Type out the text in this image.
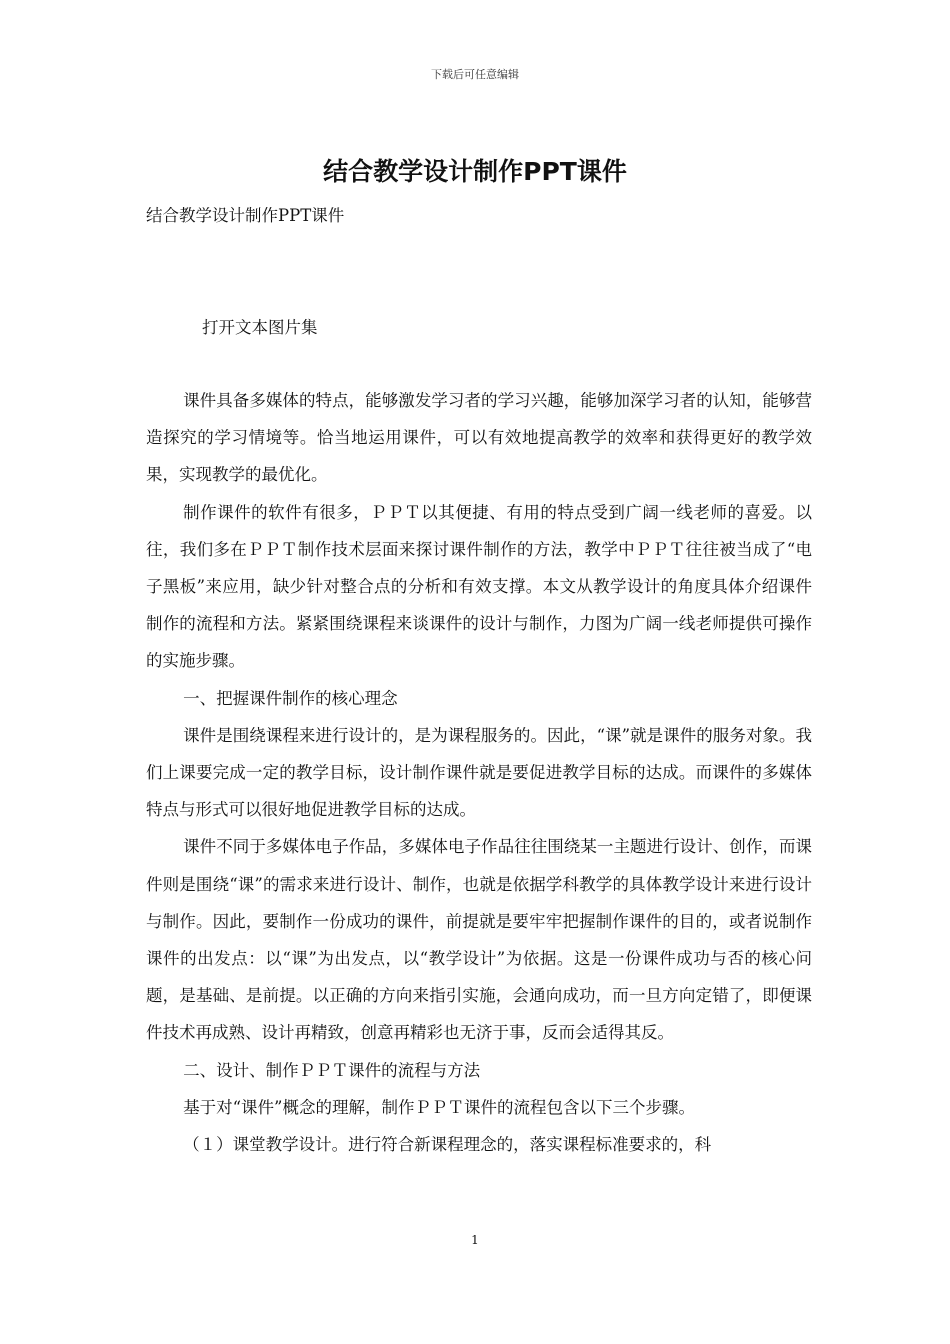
下载后可任意编辑
结合教学设计制作PPT课件
结合教学设计制作PPT课件
打开文本图片集

课件具备多媒体的特点，能够激发学习者的学习兴趣，能够加深学习者的认知，能够营造探究的学习情境等。恰当地运用课件，可以有效地提高教学的效率和获得更好的教学效果，实现教学的最优化。

制作课件的软件有很多，ＰＰＴ以其便捷、有用的特点受到广阔一线老师的喜爱。以往，我们多在ＰＰＴ制作技术层面来探讨课件制作的方法，教学中ＰＰＴ往往被当成了“电子黑板”来应用，缺少针对整合点的分析和有效支撑。本文从教学设计的角度具体介绍课件制作的流程和方法。紧紧围绕课程来谈课件的设计与制作，力图为广阔一线老师提供可操作的实施步骤。

一、把握课件制作的核心理念

课件是围绕课程来进行设计的，是为课程服务的。因此，“课”就是课件的服务对象。我们上课要完成一定的教学目标，设计制作课件就是要促进教学目标的达成。而课件的多媒体特点与形式可以很好地促进教学目标的达成。

课件不同于多媒体电子作品，多媒体电子作品往往围绕某一主题进行设计、创作，而课件则是围绕“课”的需求来进行设计、制作，也就是依据学科教学的具体教学设计来进行设计与制作。因此，要制作一份成功的课件，前提就是要牢牢把握制作课件的目的，或者说制作课件的出发点：以“课”为出发点，以“教学设计”为依据。这是一份课件成功与否的核心问题，是基础、是前提。以正确的方向来指引实施，会通向成功，而一旦方向定错了，即便课件技术再成熟、设计再精致，创意再精彩也无济于事，反而会适得其反。

二、设计、制作ＰＰＴ课件的流程与方法

基于对“课件”概念的理解，制作ＰＰＴ课件的流程包含以下三个步骤。

（１）课堂教学设计。进行符合新课程理念的，落实课程标准要求的，科

1
